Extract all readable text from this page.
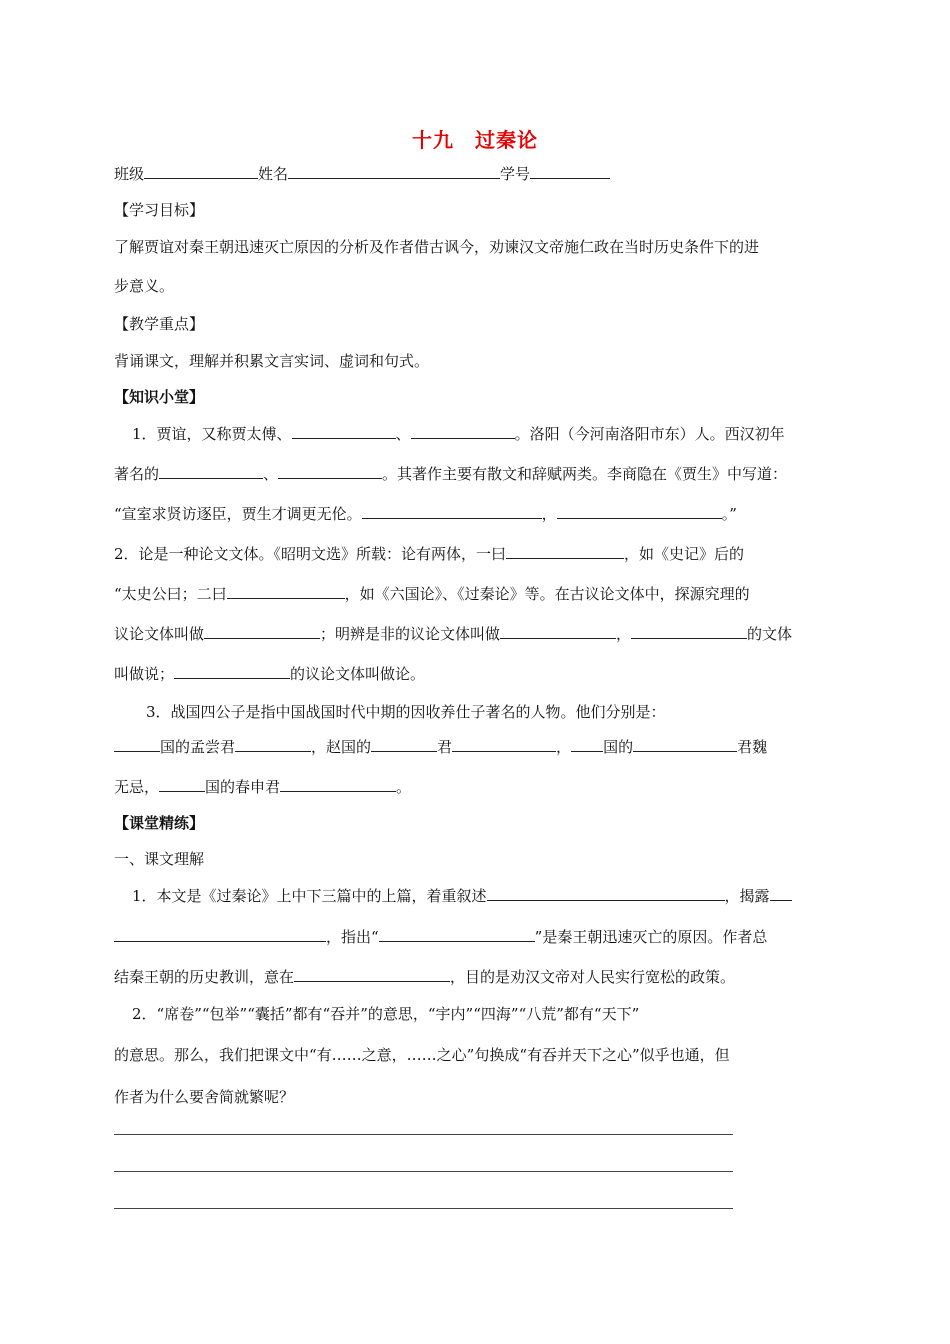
十九　过秦论
班级	姓名	学号
【学习目标】
了解贾谊对秦王朝迅速灭亡原因的分析及作者借古讽今，劝谏汉文帝施仁政在当时历史条件下的进
步意义。
【教学重点】
背诵课文，理解并积累文言实词、虚词和句式。
【知识小堂】
1．贾谊，又称贾太傅、	、	。洛阳（今河南洛阳市东）人。西汉初年
著名的	、	。其著作主要有散文和辞赋两类。李商隐在《贾生》中写道：
“宣室求贤访逐臣，贾生才调更无伦。	，	。”
2．论是一种论文文体。《昭明文选》所载：论有两体，一曰	，如《史记》后的
“太史公曰；二曰	，如《六国论》、《过秦论》等。在古议论文体中，探源究理的
议论文体叫做	；明辨是非的议论文体叫做	，	的文体
叫做说；	的议论文体叫做论。
3．战国四公子是指中国战国时代中期的因收养仕子著名的人物。他们分别是：
国的孟尝君	，赵国的	君	， 国的	君魏
无忌，	国的春申君	。
【课堂精练】
一、课文理解
1．本文是《过秦论》上中下三篇中的上篇，着重叙述	，揭露
，指出“	”是秦王朝迅速灭亡的原因。作者总
结秦王朝的历史教训，意在	，目的是劝汉文帝对人民实行宽松的政策。
2．“席卷”“包举”“囊括”都有“吞并”的意思，“宇内”“四海”“八荒”都有“天下”
的意思。那么，我们把课文中“有……之意，……之心”句换成“有吞并天下之心”似乎也通，但
作者为什么要舍简就繁呢？
